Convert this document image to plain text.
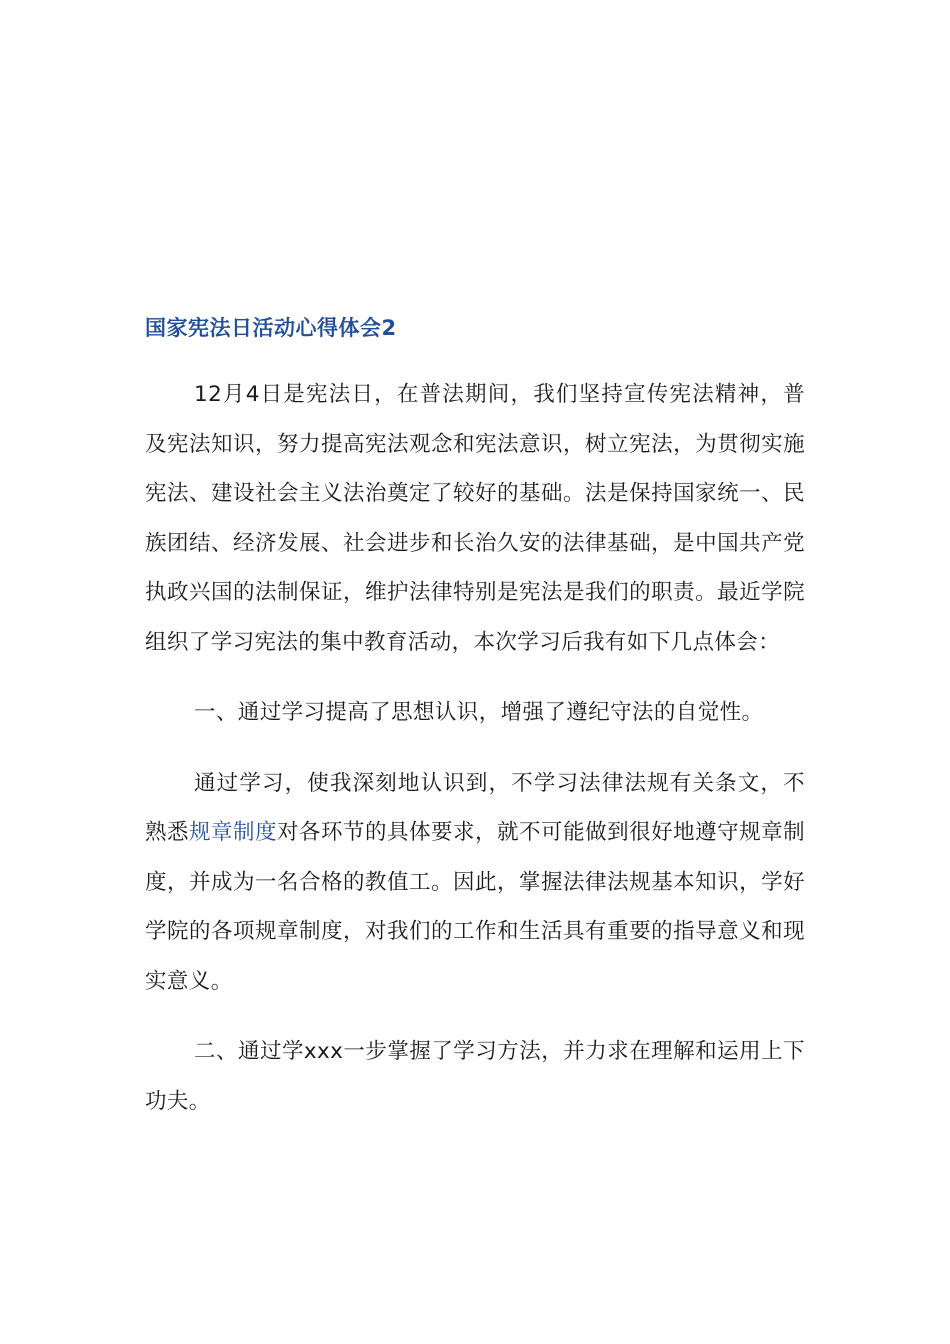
国家宪法日活动心得体会2

12月4日是宪法日，在普法期间，我们坚持宣传宪法精神，普及宪法知识，努力提高宪法观念和宪法意识，树立宪法，为贯彻实施宪法、建设社会主义法治奠定了较好的基础。法是保持国家统一、民族团结、经济发展、社会进步和长治久安的法律基础，是中国共产党执政兴国的法制保证，维护法律特别是宪法是我们的职责。最近学院组织了学习宪法的集中教育活动，本次学习后我有如下几点体会：

一、通过学习提高了思想认识，增强了遵纪守法的自觉性。

通过学习，使我深刻地认识到，不学习法律法规有关条文，不熟悉规章制度对各环节的具体要求，就不可能做到很好地遵守规章制度，并成为一名合格的教值工。因此，掌握法律法规基本知识，学好学院的各项规章制度，对我们的工作和生活具有重要的指导意义和现实意义。

二、通过学xxx一步掌握了学习方法，并力求在理解和运用上下功夫。
